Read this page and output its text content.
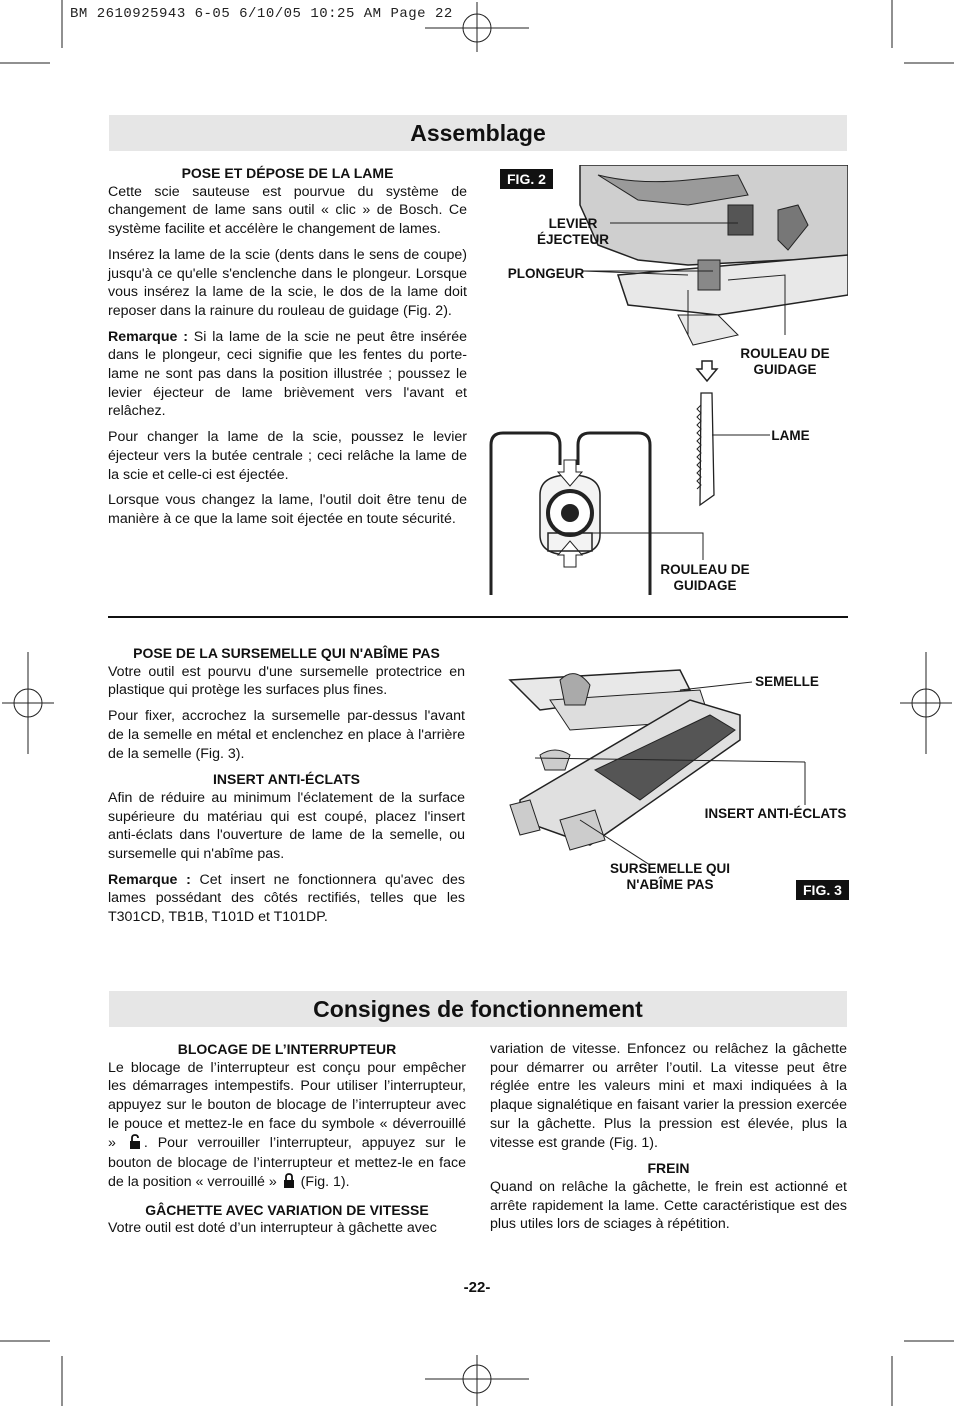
BM 2610925943 6-05 6/10/05 10:25 AM Page 22
Assemblage

POSE ET DÉPOSE DE LA LAME

Cette scie sauteuse est pourvue du système de changement de lame sans outil « clic » de Bosch. Ce système facilite et accélère le changement de lames.

Insérez la lame de la scie (dents dans le sens de coupe) jusqu'à ce qu'elle s'enclenche dans le plongeur. Lorsque vous insérez la lame de la scie, le dos de la lame doit reposer dans la rainure du rouleau de guidage (Fig. 2).

Remarque : Si la lame de la scie ne peut être insérée dans le plongeur, ceci signifie que les fentes du porte-lame ne sont pas dans la position illustrée ; poussez le levier éjecteur de lame brièvement vers l'avant et relâchez.

Pour changer la lame de la scie, poussez le levier éjecteur vers la butée centrale ; ceci relâche la lame de la scie et celle-ci est éjectée.

Lorsque vous changez la lame, l'outil doit être tenu de manière à ce que la lame soit éjectée en toute sécurité.

FIG. 2
LEVIER ÉJECTEUR
PLONGEUR
ROULEAU DE GUIDAGE
LAME
ROULEAU DE GUIDAGE

POSE DE LA SURSEMELLE QUI N'ABÎME PAS

Votre outil est pourvu d'une sursemelle protectrice en plastique qui protège les surfaces plus fines.

Pour fixer, accrochez la sursemelle par-dessus l'avant de la semelle en métal et enclenchez en place à l'arrière de la semelle (Fig. 3).

INSERT ANTI-ÉCLATS

Afin de réduire au minimum l'éclatement de la surface supérieure du matériau qui est coupé, placez l'insert anti-éclats dans l'ouverture de lame de la semelle, ou sursemelle qui n'abîme pas.

Remarque : Cet insert ne fonctionnera qu'avec des lames possédant des côtés rectifiés, telles que les T301CD, TB1B, T101D et T101DP.

SEMELLE
INSERT ANTI-ÉCLATS
SURSEMELLE QUI N'ABÎME PAS	FIG. 3
Consignes de fonctionnement

BLOCAGE DE L’INTERRUPTEUR

Le blocage de l’interrupteur est conçu pour empêcher les démarrages intempestifs. Pour utiliser l’interrupteur, appuyez sur le bouton de blocage de l’interrupteur avec le pouce et mettez-le en face du symbole « déverrouillé » . Pour verrouiller l’interrupteur, appuyez sur le bouton de blocage de l’interrupteur et mettez-le en face de la position « verrouillé »  (Fig. 1).

GÂCHETTE AVEC VARIATION DE VITESSE

Votre outil est doté d’un interrupteur à gâchette avec

variation de vitesse. Enfoncez ou relâchez la gâchette pour démarrer ou arrêter l’outil. La vitesse peut être réglée entre les valeurs mini et maxi indiquées à la plaque signalétique en faisant varier la pression exercée sur la gâchette. Plus la pression est élevée, plus la vitesse est grande (Fig. 1).

FREIN

Quand on relâche la gâchette, le frein est actionné et arrête rapidement la lame. Cette caractéristique est des plus utiles lors de sciages à répétition.

-22-
